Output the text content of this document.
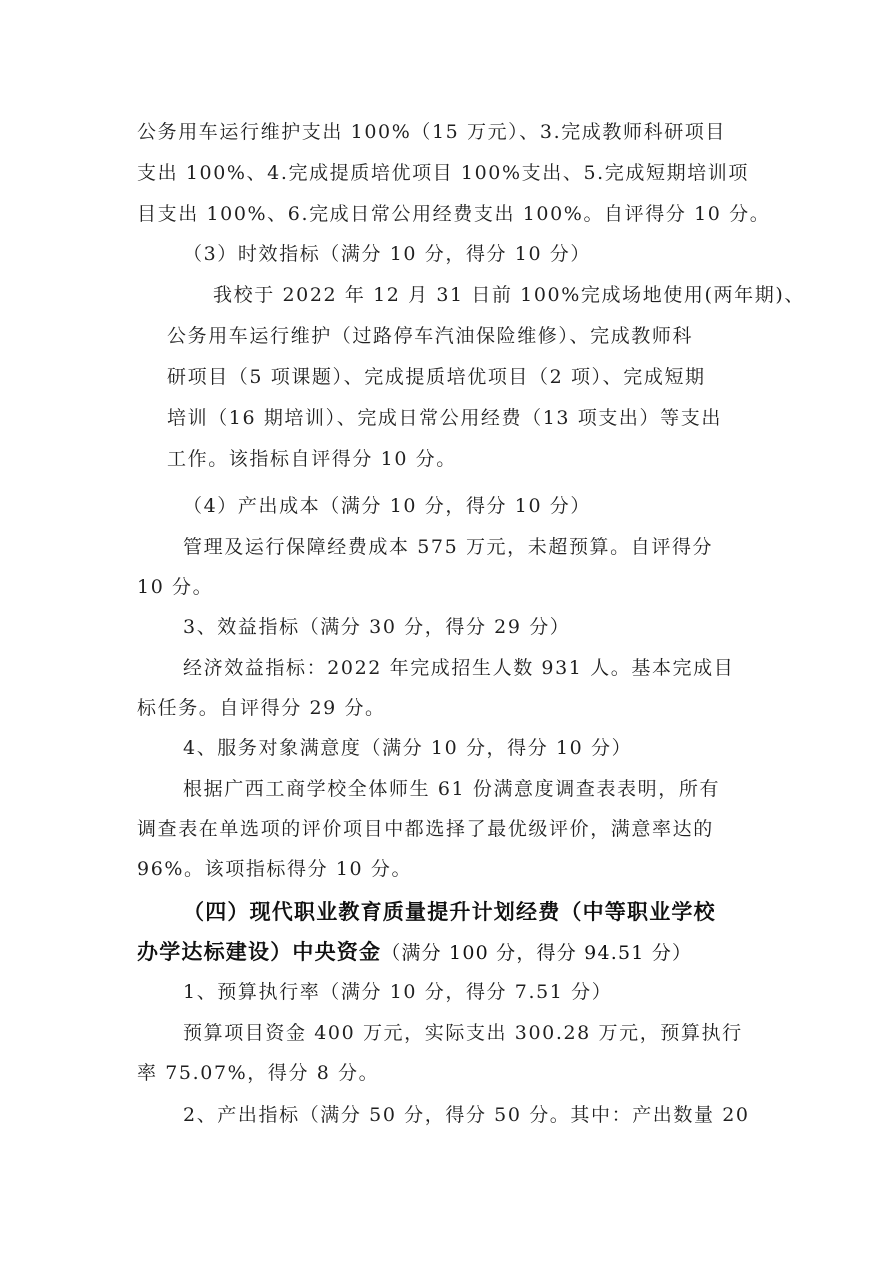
公务用车运行维护支出 100%（15 万元）、3.完成教师科研项目
支出 100%、4.完成提质培优项目 100%支出、5.完成短期培训项
目支出 100%、6.完成日常公用经费支出 100%。自评得分 10 分。
（3）时效指标（满分 10 分，得分 10 分）
我校于 2022 年 12 月 31 日前 100%完成场地使用(两年期)、
公务用车运行维护（过路停车汽油保险维修）、完成教师科
研项目（5 项课题）、完成提质培优项目（2 项）、完成短期
培训（16 期培训）、完成日常公用经费（13 项支出）等支出
工作。该指标自评得分 10 分。
（4）产出成本（满分 10 分，得分 10 分）
管理及运行保障经费成本 575 万元，未超预算。自评得分
10 分。
3、效益指标（满分 30 分，得分 29 分）
经济效益指标：2022 年完成招生人数 931 人。基本完成目
标任务。自评得分 29 分。
4、服务对象满意度（满分 10 分，得分 10 分）
根据广西工商学校全体师生 61 份满意度调查表表明，所有
调查表在单选项的评价项目中都选择了最优级评价，满意率达的
96%。该项指标得分 10 分。
（四）现代职业教育质量提升计划经费（中等职业学校
办学达标建设）中央资金（满分 100 分，得分 94.51 分）
1、预算执行率（满分 10 分，得分 7.51 分）
预算项目资金 400 万元，实际支出 300.28 万元，预算执行
率 75.07%，得分 8 分。
2、产出指标（满分 50 分，得分 50 分。其中：产出数量 20
